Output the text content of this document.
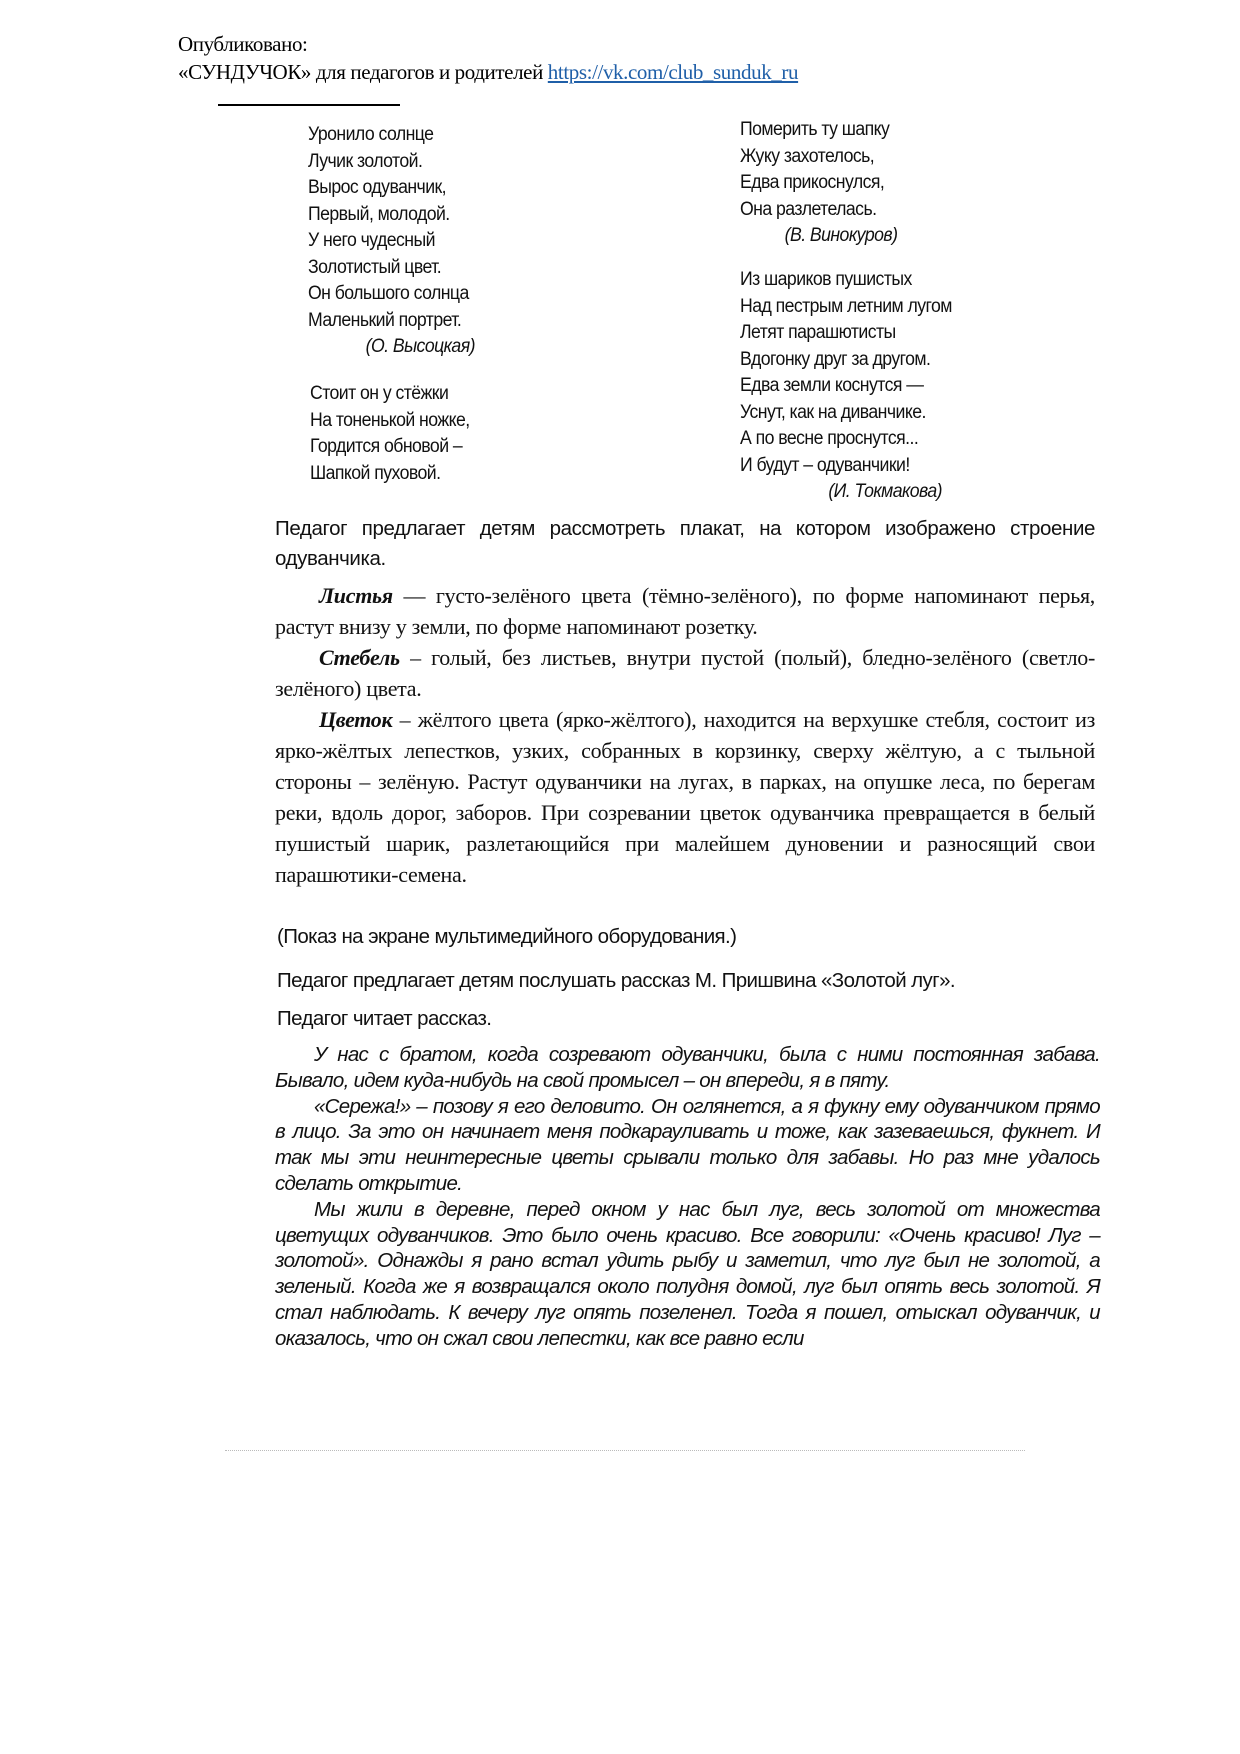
Опубликовано:
«СУНДУЧОК» для педагогов и родителей https://vk.com/club_sunduk_ru
Уронило солнце
Лучик золотой.
Вырос одуванчик,
Первый, молодой.
У него чудесный
Золотистый цвет.
Он большого солнца
Маленький портрет.
(О. Высоцкая)
Стоит он у стёжки
На тоненькой ножке,
Гордится обновой –
Шапкой пуховой.
Померить ту шапку
Жуку захотелось,
Едва прикоснулся,
Она разлетелась.
(В. Винокуров)
Из шариков пушистых
Над пестрым летним лугом
Летят парашютисты
Вдогонку друг за другом.
Едва земли коснутся —
Уснут, как на диванчике.
А по весне проснутся...
И будут – одуванчики!
(И. Токмакова)

Педагог предлагает детям рассмотреть плакат, на котором изображено строение одуванчика.

Листья — густо-зелёного цвета (тёмно-зелёного), по форме напоминают перья, растут внизу у земли, по форме напоминают розетку.

Стебель – голый, без листьев, внутри пустой (полый), бледно-зелёного (светло-зелёного) цвета.

Цветок – жёлтого цвета (ярко-жёлтого), находится на верхушке стебля, состоит из ярко-жёлтых лепестков, узких, собранных в корзинку, сверху жёлтую, а с тыльной стороны – зелёную. Растут одуванчики на лугах, в парках, на опушке леса, по берегам реки, вдоль дорог, заборов. При созревании цветок одуванчика превращается в белый пушистый шарик, разлетающийся при малейшем дуновении и разносящий свои парашютики-семена.

(Показ на экране мультимедийного оборудования.)
Педагог предлагает детям послушать рассказ М. Пришвина «Золотой луг».
Педагог читает рассказ.

У нас с братом, когда созревают одуванчики, была с ними постоянная забава. Бывало, идем куда-нибудь на свой промысел – он впереди, я в пяту.

«Сережа!» – позову я его деловито. Он оглянется, а я фукну ему одуванчиком прямо в лицо. За это он начинает меня подкарауливать и тоже, как зазеваешься, фукнет. И так мы эти неинтересные цветы срывали только для забавы. Но раз мне удалось сделать открытие.

Мы жили в деревне, перед окном у нас был луг, весь золотой от множества цветущих одуванчиков. Это было очень красиво. Все говорили: «Очень красиво! Луг – золотой». Однажды я рано встал удить рыбу и заметил, что луг был не золотой, а зеленый. Когда же я возвращался около полудня домой, луг был опять весь золотой. Я стал наблюдать. К вечеру луг опять позеленел. Тогда я пошел, отыскал одуванчик, и оказалось, что он сжал свои лепестки, как все равно если
